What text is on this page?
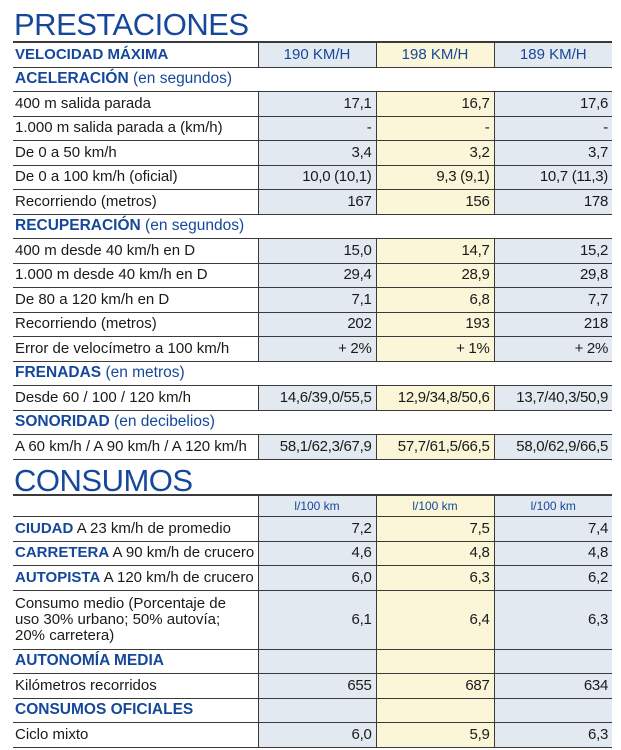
PRESTACIONES
VELOCIDAD MÁXIMA	190 KM/H	198 KM/H	189 KM/H
ACELERACIÓN (en segundos)			
400 m salida parada	17,1	16,7	17,6
1.000 m salida parada a (km/h)	-	-	-
De 0 a 50 km/h	3,4	3,2	3,7
De 0 a 100 km/h (oficial)	10,0 (10,1)	9,3 (9,1)	10,7 (11,3)
Recorriendo (metros)	167	156	178
RECUPERACIÓN (en segundos)			
400 m desde 40 km/h en D	15,0	14,7	15,2
1.000 m desde 40 km/h en D	29,4	28,9	29,8
De 80 a 120 km/h en D	7,1	6,8	7,7
Recorriendo (metros)	202	193	218
Error de velocímetro a 100 km/h	+ 2%	+ 1%	+ 2%
FRENADAS (en metros)			
Desde 60 / 100 / 120 km/h	14,6/39,0/55,5	12,9/34,8/50,6	13,7/40,3/50,9
SONORIDAD (en decibelios)			
A 60 km/h / A 90 km/h / A 120 km/h	58,1/62,3/67,9	57,7/61,5/66,5	58,0/62,9/66,5
CONSUMOS
	l/100 km	l/100 km	l/100 km
CIUDAD A 23 km/h de promedio	7,2	7,5	7,4
CARRETERA A 90 km/h de crucero	4,6	4,8	4,8
AUTOPISTA A 120 km/h de crucero	6,0	6,3	6,2
Consumo medio (Porcentaje de uso 30% urbano; 50% autovía; 20% carretera)	6,1	6,4	6,3
AUTONOMÍA MEDIA			
Kilómetros recorridos	655	687	634
CONSUMOS OFICIALES			
Ciclo mixto	6,0	5,9	6,3
